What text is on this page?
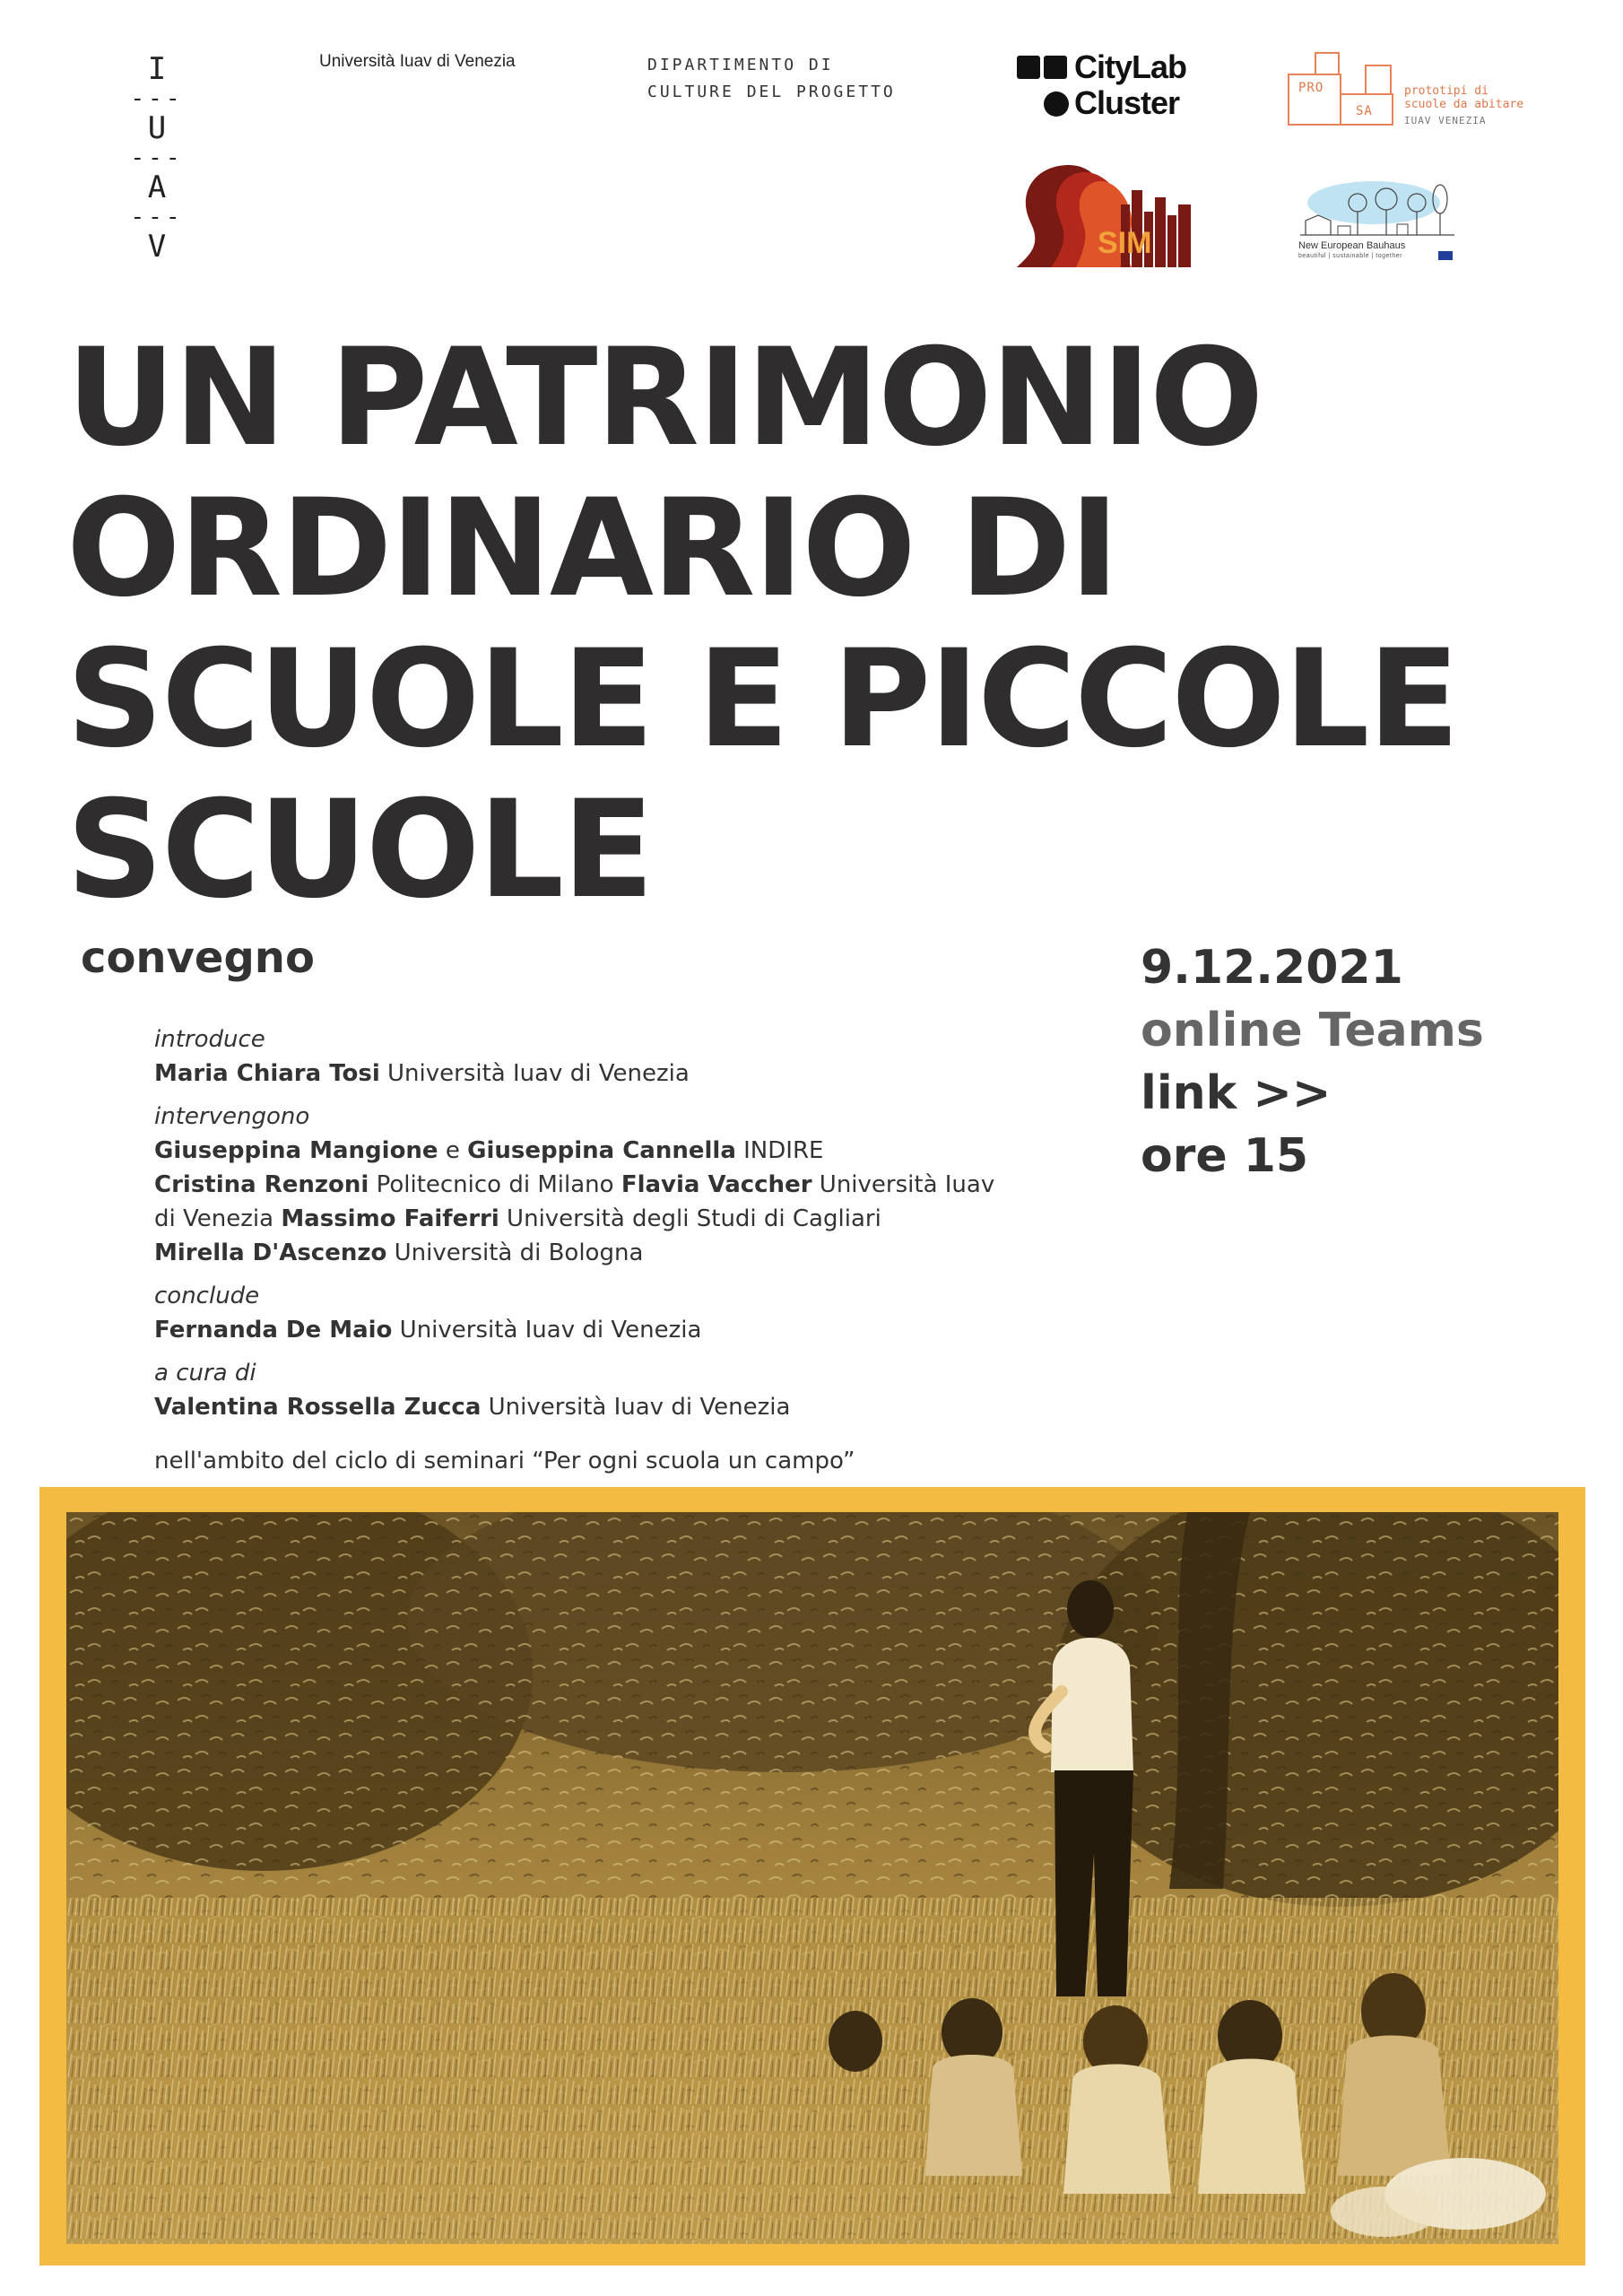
I
---
U
---
A
---
V
Università Iuav di Venezia	DIPARTIMENTO DI
CULTURE DEL PROGETTO
CityLab
Cluster	PRO
SA
prototipi di
scuole da abitare
IUAV VENEZIA
SIM	New European Bauhaus
beautiful | sustainable | together
UN PATRIMONIO
ORDINARIO DI
SCUOLE E PICCOLE
SCUOLE
convegno
introduce
Maria Chiara Tosi Università Iuav di Venezia
intervengono
Giuseppina Mangione e Giuseppina Cannella INDIRE
Cristina Renzoni Politecnico di Milano Flavia Vaccher Università Iuav
di Venezia Massimo Faiferri Università degli Studi di Cagliari
Mirella D'Ascenzo Università di Bologna
conclude
Fernanda De Maio Università Iuav di Venezia
a cura di
Valentina Rossella Zucca Università Iuav di Venezia
nell'ambito del ciclo di seminari “Per ogni scuola un campo”
9.12.2021
online Teams
link >>
ore 15
